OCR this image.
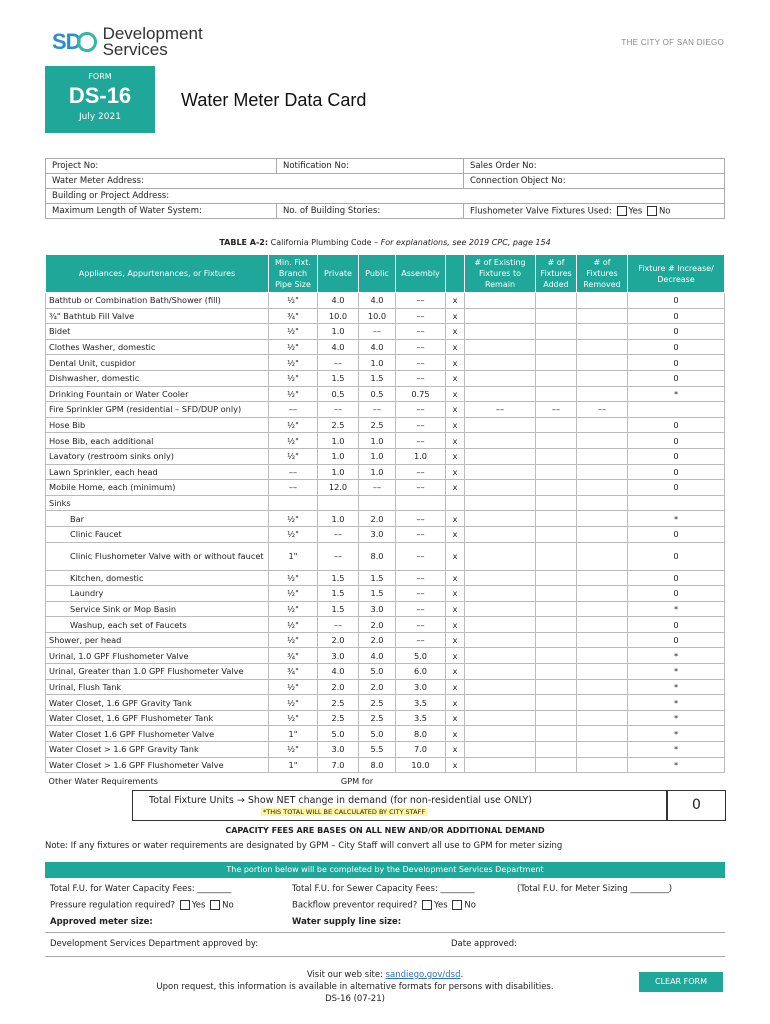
SD Development
Services	THE CITY OF SAN DIEGO
FORM
DS-16
July 2021
Water Meter Data Card
Project No:	Notification No:	Sales Order No:
Water Meter Address:		Connection Object No:
Building or Project Address:		
Maximum Length of Water System:	No. of Building Stories:	Flushometer Valve Fixtures Used: Yes No
TABLE A-2: California Plumbing Code – For explanations, see 2019 CPC, page 154
Appliances, Appurtenances, or Fixtures	Min. Fixt. Branch Pipe Size	Private	Public	Assembly		# of Existing Fixtures to Remain	# of Fixtures Added	# of Fixtures Removed	Fixture # Increase/ Decrease
Bathtub or Combination Bath/Shower (fill)	½"	4.0	4.0	––	x				0
¾" Bathtub Fill Valve	¾"	10.0	10.0	––	x				0
Bidet	½"	1.0	––	––	x				0
Clothes Washer, domestic	½"	4.0	4.0	––	x				0
Dental Unit, cuspidor	½"	––	1.0	––	x				0
Dishwasher, domestic	½"	1.5	1.5	––	x				0
Drinking Fountain or Water Cooler	½"	0.5	0.5	0.75	x				*
Fire Sprinkler GPM (residential – SFD/DUP only)	––	––	––	––	x	––	––	––	
Hose Bib	½"	2.5	2.5	––	x				0
Hose Bib, each additional	½"	1.0	1.0	––	x				0
Lavatory (restroom sinks only)	½"	1.0	1.0	1.0	x				0
Lawn Sprinkler, each head	––	1.0	1.0	––	x				0
Mobile Home, each (minimum)	––	12.0	––	––	x				0
Sinks									
Bar	½"	1.0	2.0	––	x				*
Clinic Faucet	½"	––	3.0	––	x				0
Clinic Flushometer Valve with or without faucet	1"	––	8.0	––	x				0
Kitchen, domestic	½"	1.5	1.5	––	x				0
Laundry	½"	1.5	1.5	––	x				0
Service Sink or Mop Basin	½"	1.5	3.0	––	x				*
Washup, each set of Faucets	½"	––	2.0	––	x				0
Shower, per head	½"	2.0	2.0	––	x				0
Urinal, 1.0 GPF Flushometer Valve	¾"	3.0	4.0	5.0	x				*
Urinal, Greater than 1.0 GPF Flushometer Valve	¾"	4.0	5.0	6.0	x				*
Urinal, Flush Tank	½"	2.0	2.0	3.0	x				*
Water Closet, 1.6 GPF Gravity Tank	½"	2.5	2.5	3.5	x				*
Water Closet, 1.6 GPF Flushometer Tank	½"	2.5	2.5	3.5	x				*
Water Closet 1.6 GPF Flushometer Valve	1"	5.0	5.0	8.0	x				*
Water Closet > 1.6 GPF Gravity Tank	½"	3.0	5.5	7.0	x				*
Water Closet > 1.6 GPF Flushometer Valve	1"	7.0	8.0	10.0	x				*
Other Water Requirements	GPM for								
Total Fixture Units → Show NET change in demand (for non-residential use ONLY)
*THIS TOTAL WILL BE CALCULATED BY CITY STAFF	0
CAPACITY FEES ARE BASES ON ALL NEW AND/OR ADDITIONAL DEMAND
Note: If any fixtures or water requirements are designated by GPM – City Staff will convert all use to GPM for meter sizing
The portion below will be completed by the Development Services Department
Total F.U. for Water Capacity Fees: ________	Total F.U. for Sewer Capacity Fees: ________	(Total F.U. for Meter Sizing _________)
Pressure regulation required? Yes No	Backflow preventor required? Yes No
Approved meter size:	Water supply line size:
Development Services Department approved by:	Date approved:
Visit our web site: sandiego.gov/dsd.
Upon request, this information is available in alternative formats for persons with disabilities.
DS-16 (07-21)
CLEAR FORM
